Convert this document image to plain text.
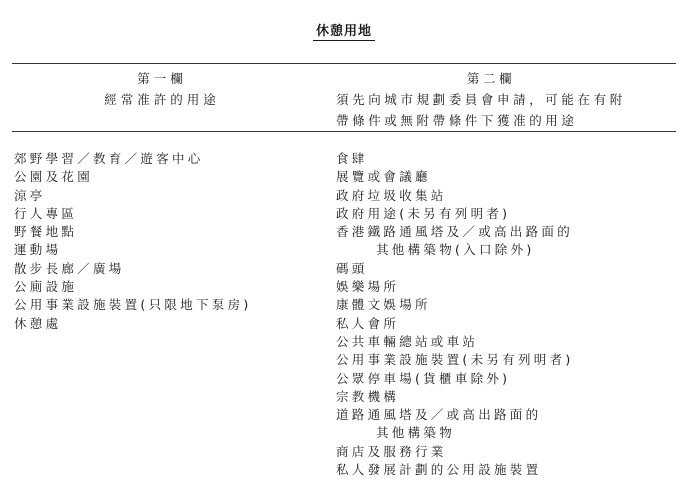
休憩用地
第一欄
經常准許的用途
第二欄
須先向城市規劃委員會申請，可能在有附
帶條件或無附帶條件下獲准的用途
郊野學習／教育／遊客中心
公園及花園
涼亭
行人專區
野餐地點
運動場
散步長廊／廣場
公廁設施
公用事業設施裝置(只限地下泵房)
休憩處
食肆
展覽或會議廳
政府垃圾收集站
政府用途(未另有列明者)
香港鐵路通風塔及／或高出路面的
其他構築物(入口除外)
碼頭
娛樂場所
康體文娛場所
私人會所
公共車輛總站或車站
公用事業設施裝置(未另有列明者)
公眾停車場(貨櫃車除外)
宗教機構
道路通風塔及／或高出路面的
其他構築物
商店及服務行業
私人發展計劃的公用設施裝置
